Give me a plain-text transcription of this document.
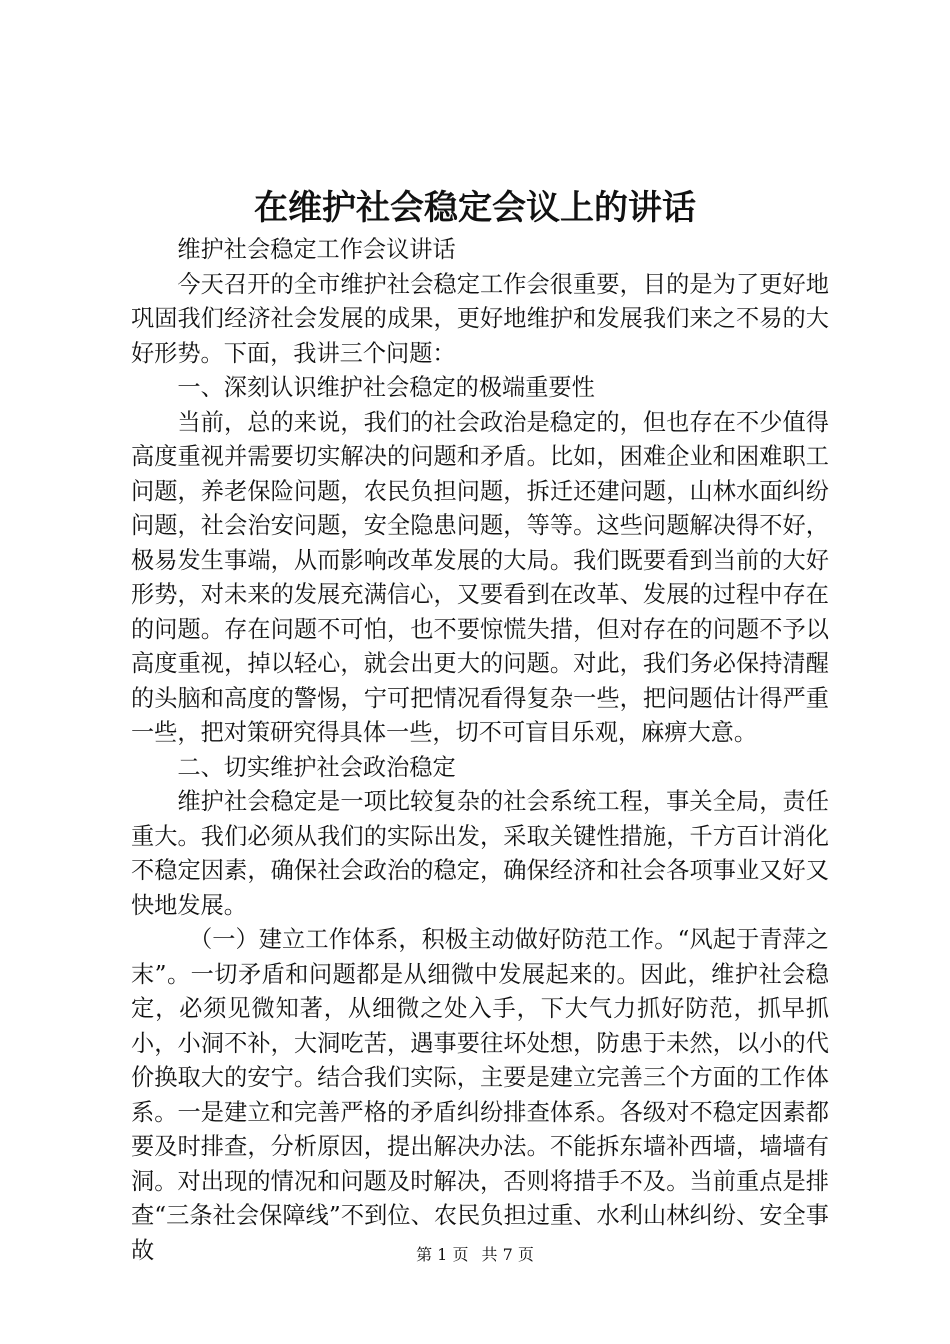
在维护社会稳定会议上的讲话

维护社会稳定工作会议讲话

今天召开的全市维护社会稳定工作会很重要，目的是为了更好地巩固我们经济社会发展的成果，更好地维护和发展我们来之不易的大好形势。下面，我讲三个问题：

一、深刻认识维护社会稳定的极端重要性

当前，总的来说，我们的社会政治是稳定的，但也存在不少值得高度重视并需要切实解决的问题和矛盾。比如，困难企业和困难职工问题，养老保险问题，农民负担问题，拆迁还建问题，山林水面纠纷问题，社会治安问题，安全隐患问题，等等。这些问题解决得不好，极易发生事端，从而影响改革发展的大局。我们既要看到当前的大好形势，对未来的发展充满信心，又要看到在改革、发展的过程中存在的问题。存在问题不可怕，也不要惊慌失措，但对存在的问题不予以高度重视，掉以轻心，就会出更大的问题。对此，我们务必保持清醒的头脑和高度的警惕，宁可把情况看得复杂一些，把问题估计得严重一些，把对策研究得具体一些，切不可盲目乐观，麻痹大意。

二、切实维护社会政治稳定

维护社会稳定是一项比较复杂的社会系统工程，事关全局，责任重大。我们必须从我们的实际出发，采取关键性措施，千方百计消化不稳定因素，确保社会政治的稳定，确保经济和社会各项事业又好又快地发展。

（一）建立工作体系，积极主动做好防范工作。“风起于青萍之末”。一切矛盾和问题都是从细微中发展起来的。因此，维护社会稳定，必须见微知著，从细微之处入手，下大气力抓好防范，抓早抓小，小洞不补，大洞吃苦，遇事要往坏处想，防患于未然，以小的代价换取大的安宁。结合我们实际，主要是建立完善三个方面的工作体系。一是建立和完善严格的矛盾纠纷排查体系。各级对不稳定因素都要及时排查，分析原因，提出解决办法。不能拆东墙补西墙，墙墙有洞。对出现的情况和问题及时解决，否则将措手不及。当前重点是排查“三条社会保障线”不到位、农民负担过重、水利山林纠纷、安全事故	第 1 页 共 7 页
